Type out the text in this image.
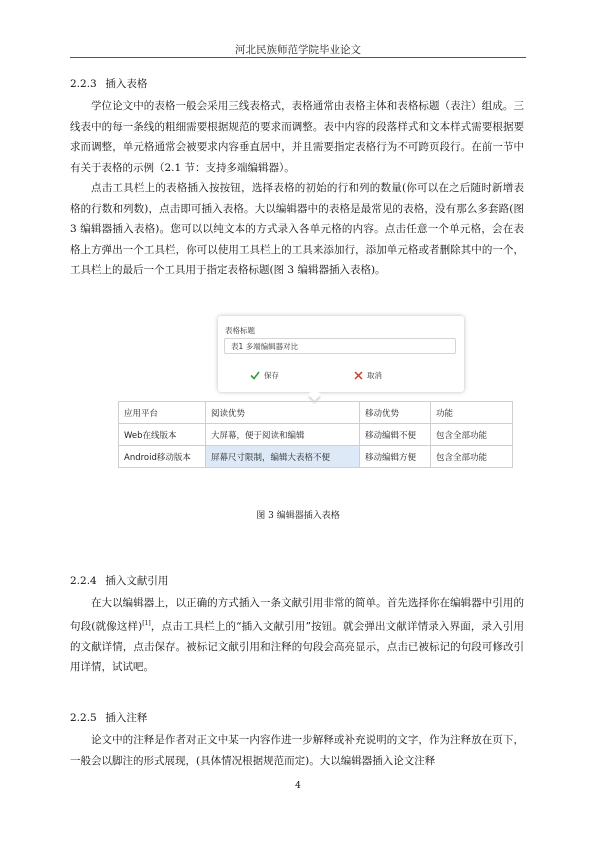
河北民族师范学院毕业论文
2.2.3 插入表格
学位论文中的表格一般会采用三线表格式，表格通常由表格主体和表格标题（表注）组成。三线表中的每一条线的粗细需要根据规范的要求而调整。表中内容的段落样式和文本样式需要根据要求而调整，单元格通常会被要求内容垂直居中，并且需要指定表格行为不可跨页段行。在前一节中有关于表格的示例（2.1 节：支持多端编辑器）。
点击工具栏上的表格插入按按钮，选择表格的初始的行和列的数量(你可以在之后随时新增表格的行数和列数)，点击即可插入表格。大以编辑器中的表格是最常见的表格，没有那么多套路(图 3 编辑器插入表格)。您可以以纯文本的方式录入各单元格的内容。点击任意一个单元格，会在表格上方弹出一个工具栏，你可以使用工具栏上的工具来添加行，添加单元格或者删除其中的一个，工具栏上的最后一个工具用于指定表格标题(图 3 编辑器插入表格)。
表格标题
表1 多端编辑器对比
保存	取消
应用平台	阅读优势	移动优势	功能
Web在线版本	大屏幕，便于阅读和编辑	移动编辑不便	包含全部功能
Android移动版本	屏幕尺寸限制，编辑大表格不便	移动编辑方便	包含全部功能
图 3 编辑器插入表格
2.2.4 插入文献引用
在大以编辑器上，以正确的方式插入一条文献引用非常的简单。首先选择你在编辑器中引用的句段(就像这样)[1]，点击工具栏上的“插入文献引用”按钮。就会弹出文献详情录入界面，录入引用的文献详情，点击保存。被标记文献引用和注释的句段会高亮显示，点击已被标记的句段可修改引用详情，试试吧。
2.2.5 插入注释
论文中的注释是作者对正文中某一内容作进一步解释或补充说明的文字，作为注释放在页下，一般会以脚注的形式展现，(具体情况根据规范而定)。大以编辑器插入论文注释
4
